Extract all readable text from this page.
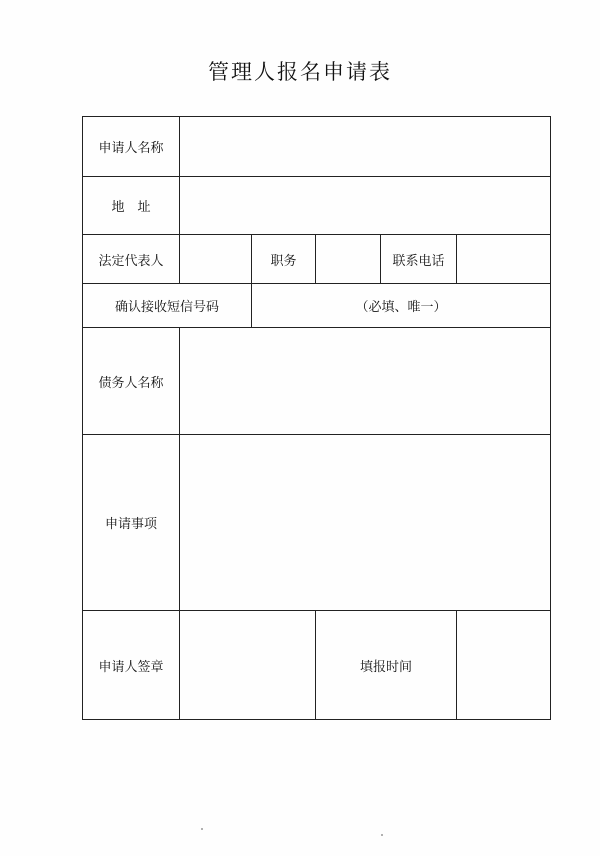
管理人报名申请表
申请人名称					
地　址					
法定代表人		职务		联系电话	
确认接收短信号码		（必填、唯一）			
债务人名称					
申请事项					
申请人签章			填报时间		
